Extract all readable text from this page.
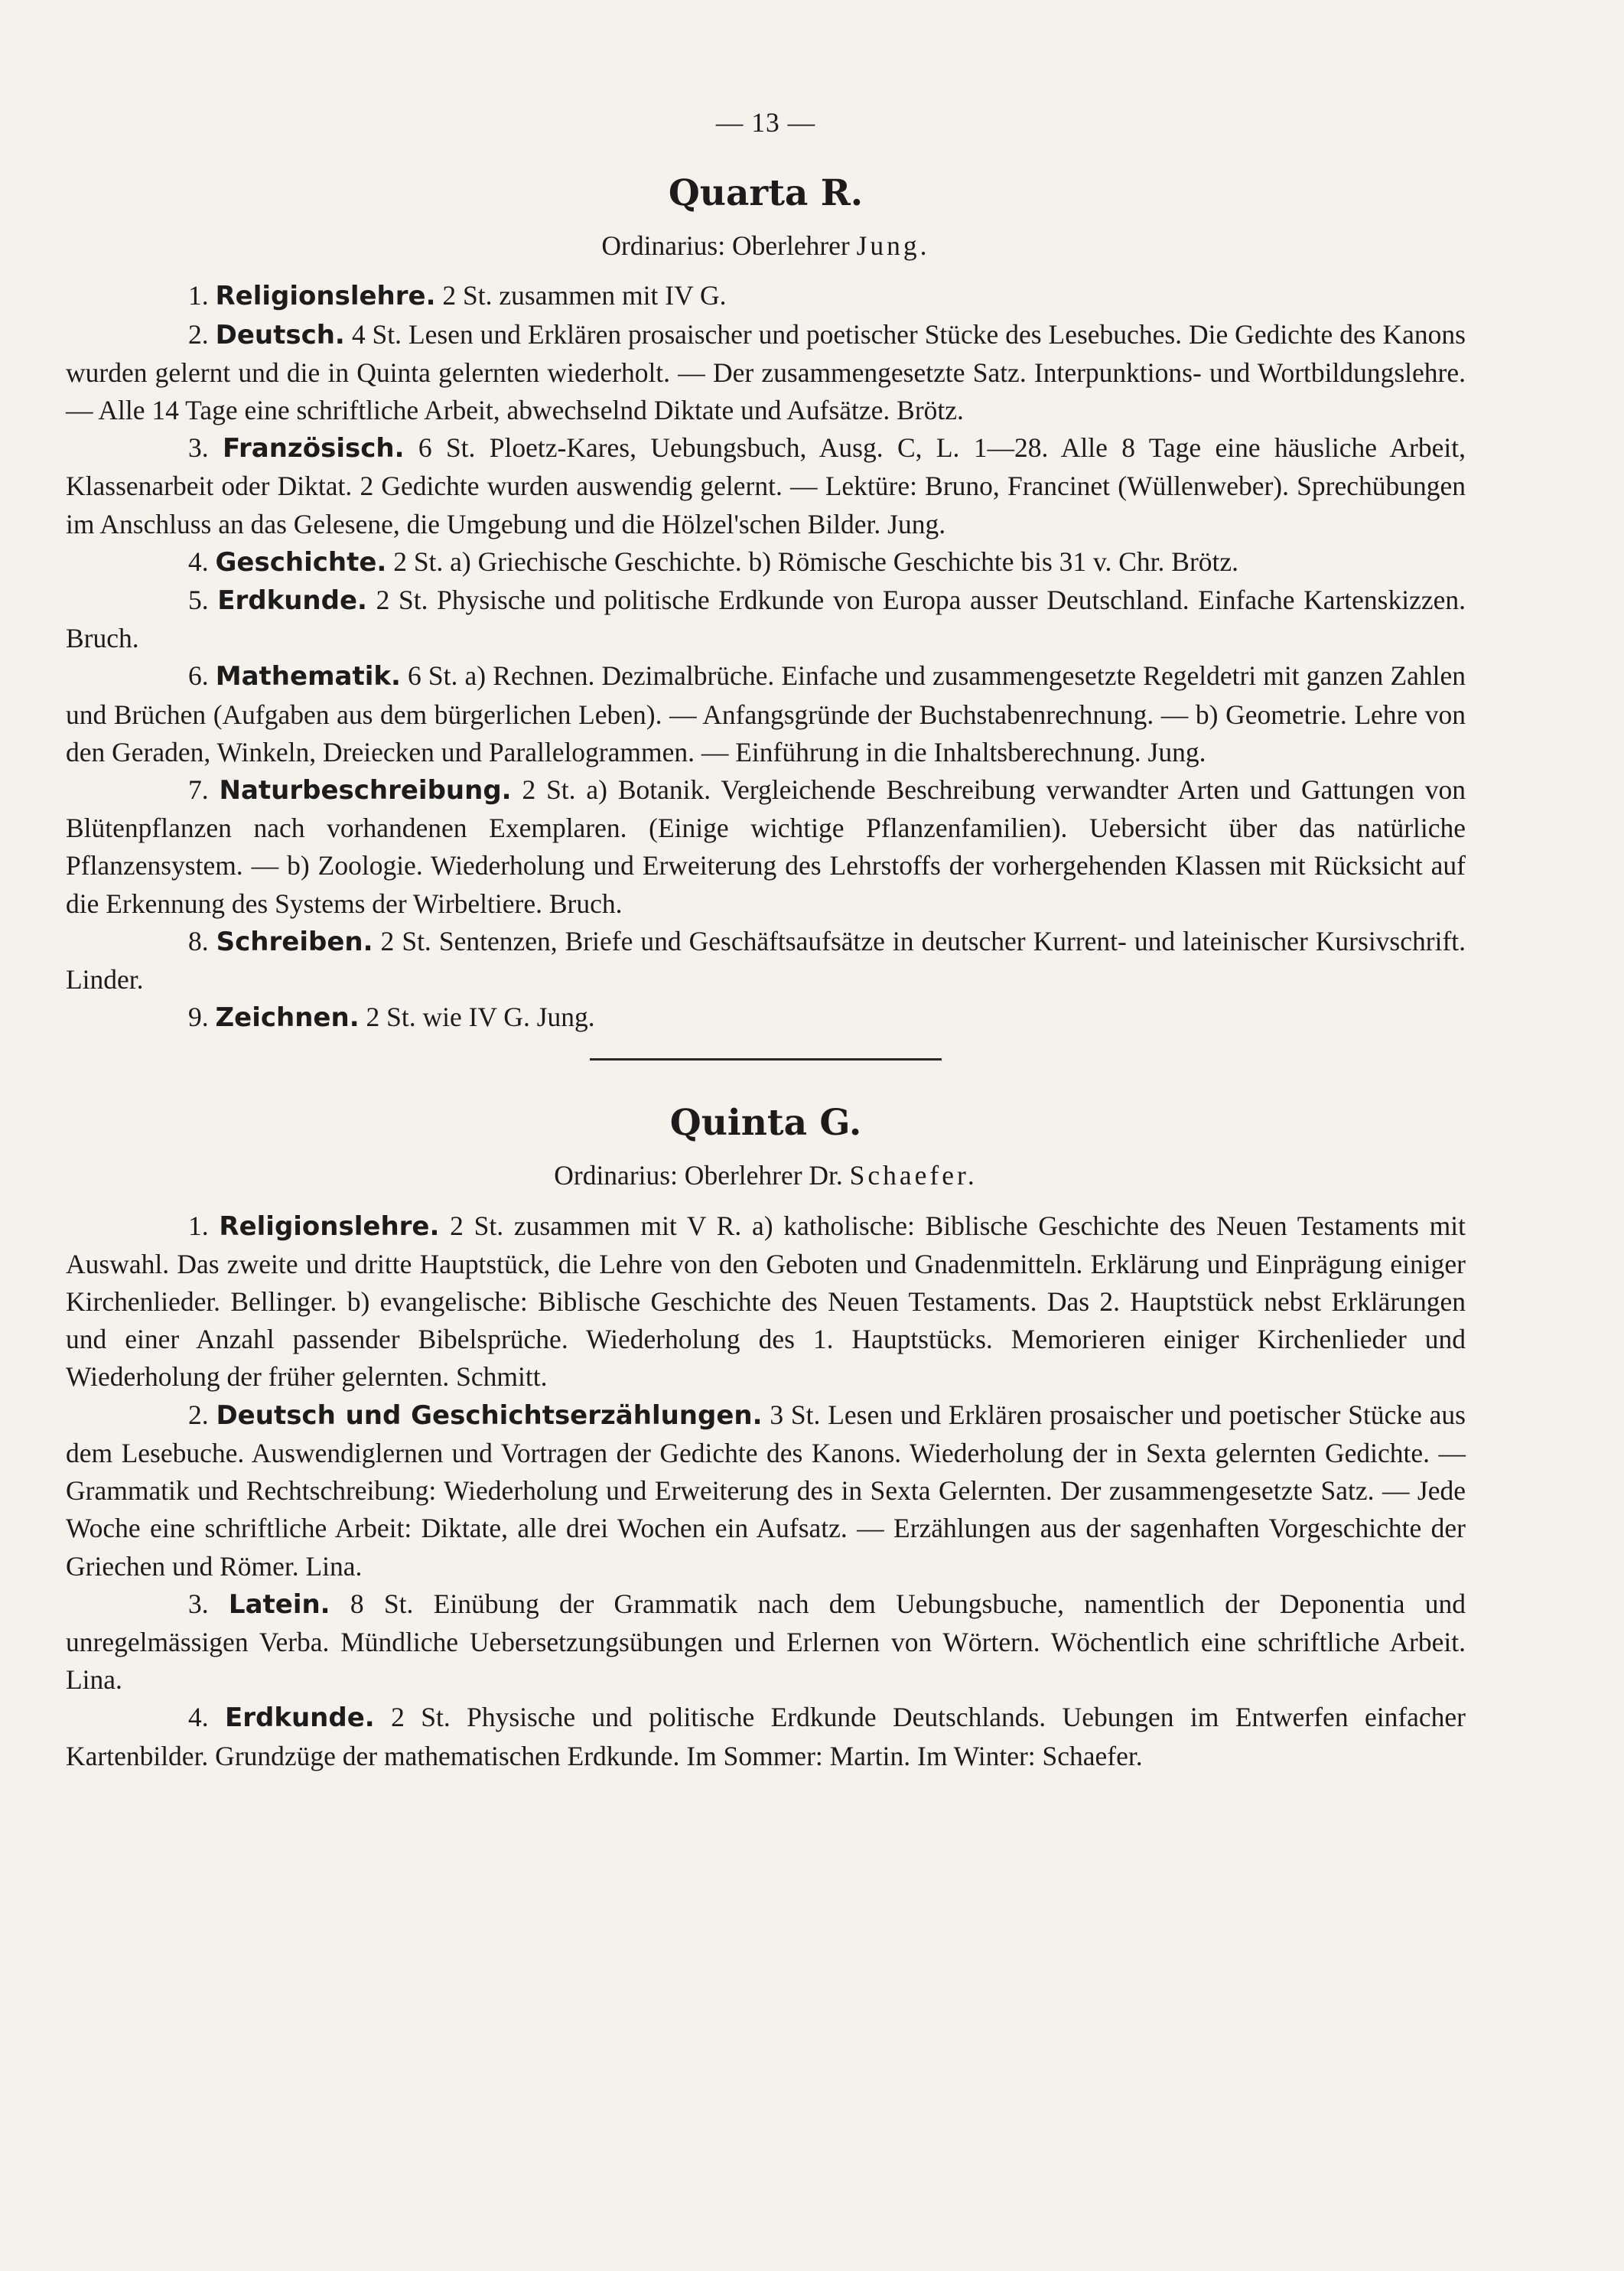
— 13 —
Quarta R.
Ordinarius: Oberlehrer Jung.

1. Religionslehre. 2 St. zusammen mit IV G.

2. Deutsch. 4 St. Lesen und Erklären prosaischer und poetischer Stücke des Lesebuches. Die Gedichte des Kanons wurden gelernt und die in Quinta gelernten wiederholt. — Der zusammengesetzte Satz. Interpunktions- und Wortbildungslehre. — Alle 14 Tage eine schriftliche Arbeit, abwechselnd Diktate und Aufsätze. Brötz.

3. Französisch. 6 St. Ploetz-Kares, Uebungsbuch, Ausg. C, L. 1—28. Alle 8 Tage eine häusliche Arbeit, Klassenarbeit oder Diktat. 2 Gedichte wurden auswendig gelernt. — Lektüre: Bruno, Francinet (Wüllenweber). Sprechübungen im Anschluss an das Gelesene, die Umgebung und die Hölzel'schen Bilder. Jung.

4. Geschichte. 2 St. a) Griechische Geschichte. b) Römische Geschichte bis 31 v. Chr. Brötz.

5. Erdkunde. 2 St. Physische und politische Erdkunde von Europa ausser Deutschland. Einfache Kartenskizzen. Bruch.

6. Mathematik. 6 St. a) Rechnen. Dezimalbrüche. Einfache und zusammengesetzte Regeldetri mit ganzen Zahlen und Brüchen (Aufgaben aus dem bürgerlichen Leben). — Anfangsgründe der Buchstabenrechnung. — b) Geometrie. Lehre von den Geraden, Winkeln, Dreiecken und Parallelogrammen. — Einführung in die Inhaltsberechnung. Jung.

7. Naturbeschreibung. 2 St. a) Botanik. Vergleichende Beschreibung verwandter Arten und Gattungen von Blütenpflanzen nach vorhandenen Exemplaren. (Einige wichtige Pflanzenfamilien). Uebersicht über das natürliche Pflanzensystem. — b) Zoologie. Wiederholung und Erweiterung des Lehrstoffs der vorhergehenden Klassen mit Rücksicht auf die Erkennung des Systems der Wirbeltiere. Bruch.

8. Schreiben. 2 St. Sentenzen, Briefe und Geschäftsaufsätze in deutscher Kurrent- und lateinischer Kursivschrift. Linder.

9. Zeichnen. 2 St. wie IV G. Jung.

Quinta G.
Ordinarius: Oberlehrer Dr. Schaefer.

1. Religionslehre. 2 St. zusammen mit V R. a) katholische: Biblische Geschichte des Neuen Testaments mit Auswahl. Das zweite und dritte Hauptstück, die Lehre von den Geboten und Gnadenmitteln. Erklärung und Einprägung einiger Kirchenlieder. Bellinger. b) evangelische: Biblische Geschichte des Neuen Testaments. Das 2. Hauptstück nebst Erklärungen und einer Anzahl passender Bibelsprüche. Wiederholung des 1. Hauptstücks. Memorieren einiger Kirchenlieder und Wiederholung der früher gelernten. Schmitt.

2. Deutsch und Geschichtserzählungen. 3 St. Lesen und Erklären prosaischer und poetischer Stücke aus dem Lesebuche. Auswendiglernen und Vortragen der Gedichte des Kanons. Wiederholung der in Sexta gelernten Gedichte. — Grammatik und Rechtschreibung: Wiederholung und Erweiterung des in Sexta Gelernten. Der zusammengesetzte Satz. — Jede Woche eine schriftliche Arbeit: Diktate, alle drei Wochen ein Aufsatz. — Erzählungen aus der sagenhaften Vorgeschichte der Griechen und Römer. Lina.

3. Latein. 8 St. Einübung der Grammatik nach dem Uebungsbuche, namentlich der Deponentia und unregelmässigen Verba. Mündliche Uebersetzungsübungen und Erlernen von Wörtern. Wöchentlich eine schriftliche Arbeit. Lina.

4. Erdkunde. 2 St. Physische und politische Erdkunde Deutschlands. Uebungen im Entwerfen einfacher Kartenbilder. Grundzüge der mathematischen Erdkunde. Im Sommer: Martin. Im Winter: Schaefer.
